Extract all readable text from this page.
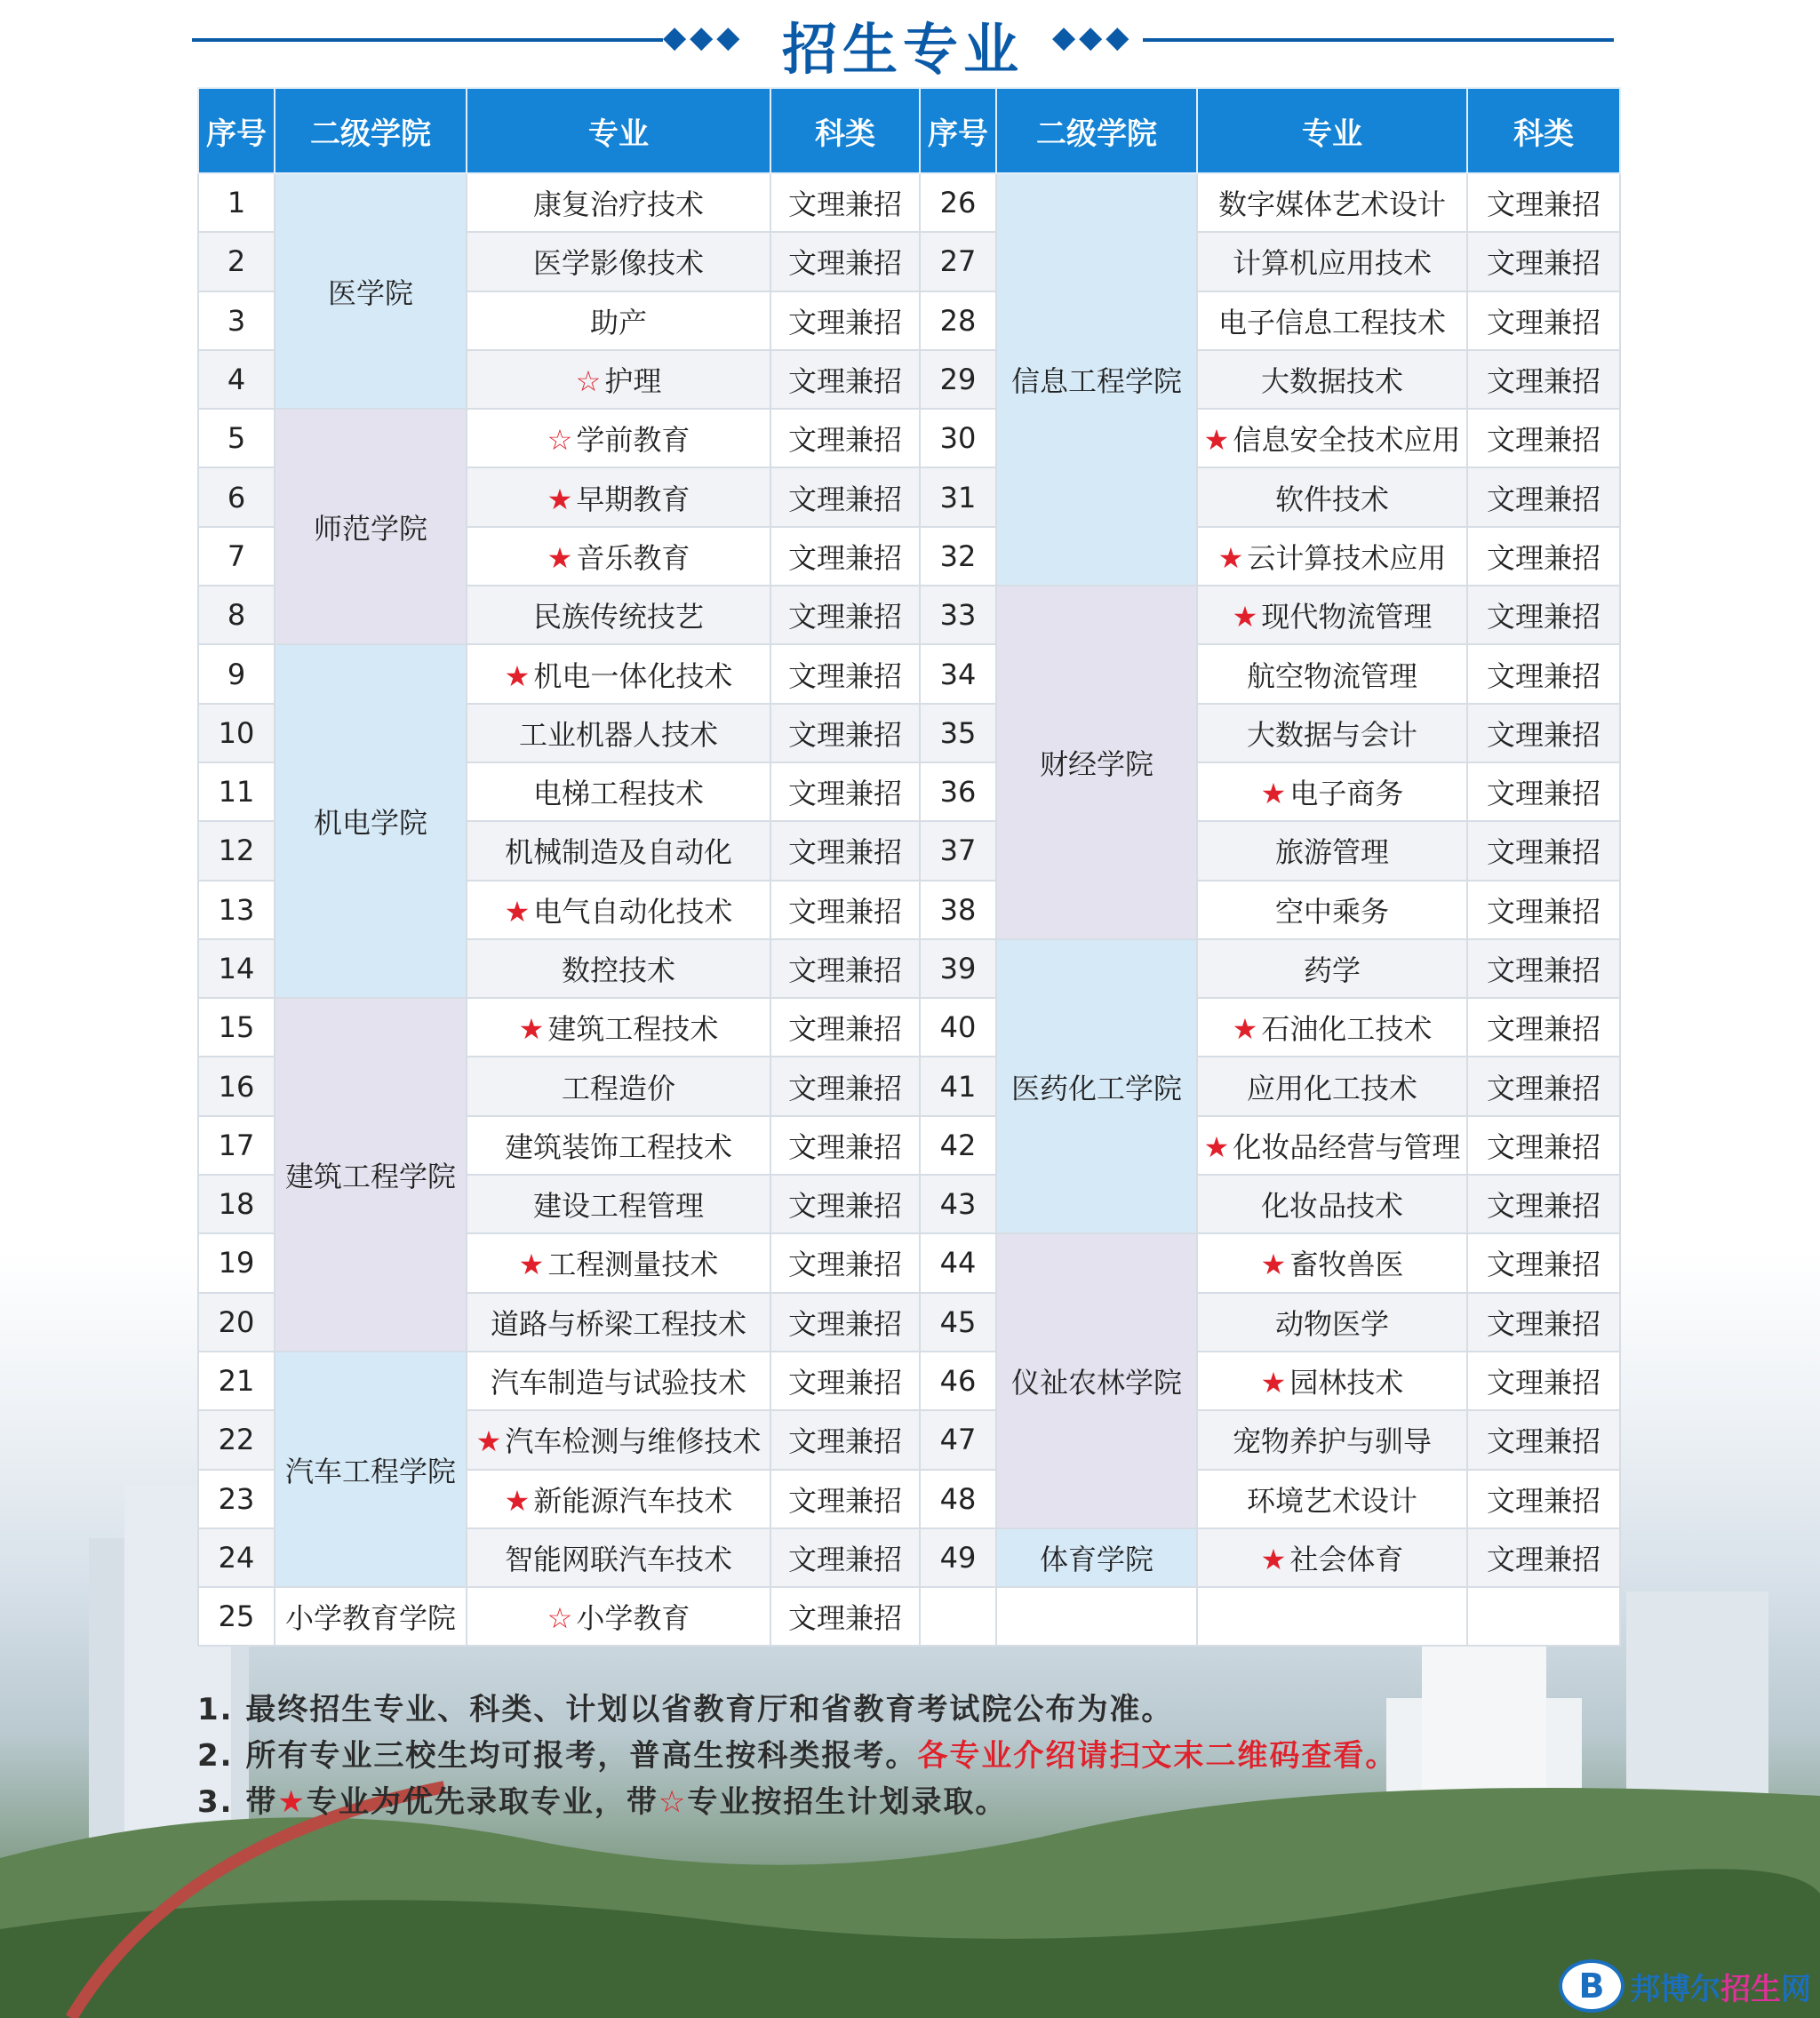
◆◆◆ 招生专业 ◆◆◆
序号	二级学院	专业	科类	序号	二级学院	专业	科类
1	医学院	康复治疗技术	文理兼招	26	信息工程学院	数字媒体艺术设计	文理兼招
2		医学影像技术	文理兼招	27		计算机应用技术	文理兼招
3		助产	文理兼招	28		电子信息工程技术	文理兼招
4		☆ 护理	文理兼招	29		大数据技术	文理兼招
5	师范学院	☆ 学前教育	文理兼招	30		★ 信息安全技术应用	文理兼招
6		★ 早期教育	文理兼招	31		软件技术	文理兼招
7		★ 音乐教育	文理兼招	32		★ 云计算技术应用	文理兼招
8		民族传统技艺	文理兼招	33	财经学院	★ 现代物流管理	文理兼招
9	机电学院	★ 机电一体化技术	文理兼招	34		航空物流管理	文理兼招
10		工业机器人技术	文理兼招	35		大数据与会计	文理兼招
11		电梯工程技术	文理兼招	36		★ 电子商务	文理兼招
12		机械制造及自动化	文理兼招	37		旅游管理	文理兼招
13		★ 电气自动化技术	文理兼招	38		空中乘务	文理兼招
14		数控技术	文理兼招	39	医药化工学院	药学	文理兼招
15	建筑工程学院	★ 建筑工程技术	文理兼招	40		★ 石油化工技术	文理兼招
16		工程造价	文理兼招	41		应用化工技术	文理兼招
17		建筑装饰工程技术	文理兼招	42		★ 化妆品经营与管理	文理兼招
18		建设工程管理	文理兼招	43		化妆品技术	文理兼招
19		★ 工程测量技术	文理兼招	44	仪祉农林学院	★ 畜牧兽医	文理兼招
20		道路与桥梁工程技术	文理兼招	45		动物医学	文理兼招
21	汽车工程学院	汽车制造与试验技术	文理兼招	46		★ 园林技术	文理兼招
22		★ 汽车检测与维修技术	文理兼招	47		宠物养护与驯导	文理兼招
23		★ 新能源汽车技术	文理兼招	48		环境艺术设计	文理兼招
24		智能网联汽车技术	文理兼招	49	体育学院	★ 社会体育	文理兼招
25	小学教育学院	☆ 小学教育	文理兼招				
1. 最终招生专业、科类、计划以省教育厅和省教育考试院公布为准。
2. 所有专业三校生均可报考，普高生按科类报考。各专业介绍请扫文末二维码查看。
3. 带★专业为优先录取专业，带☆专业按招生计划录取。
B 邦博尔招生网
